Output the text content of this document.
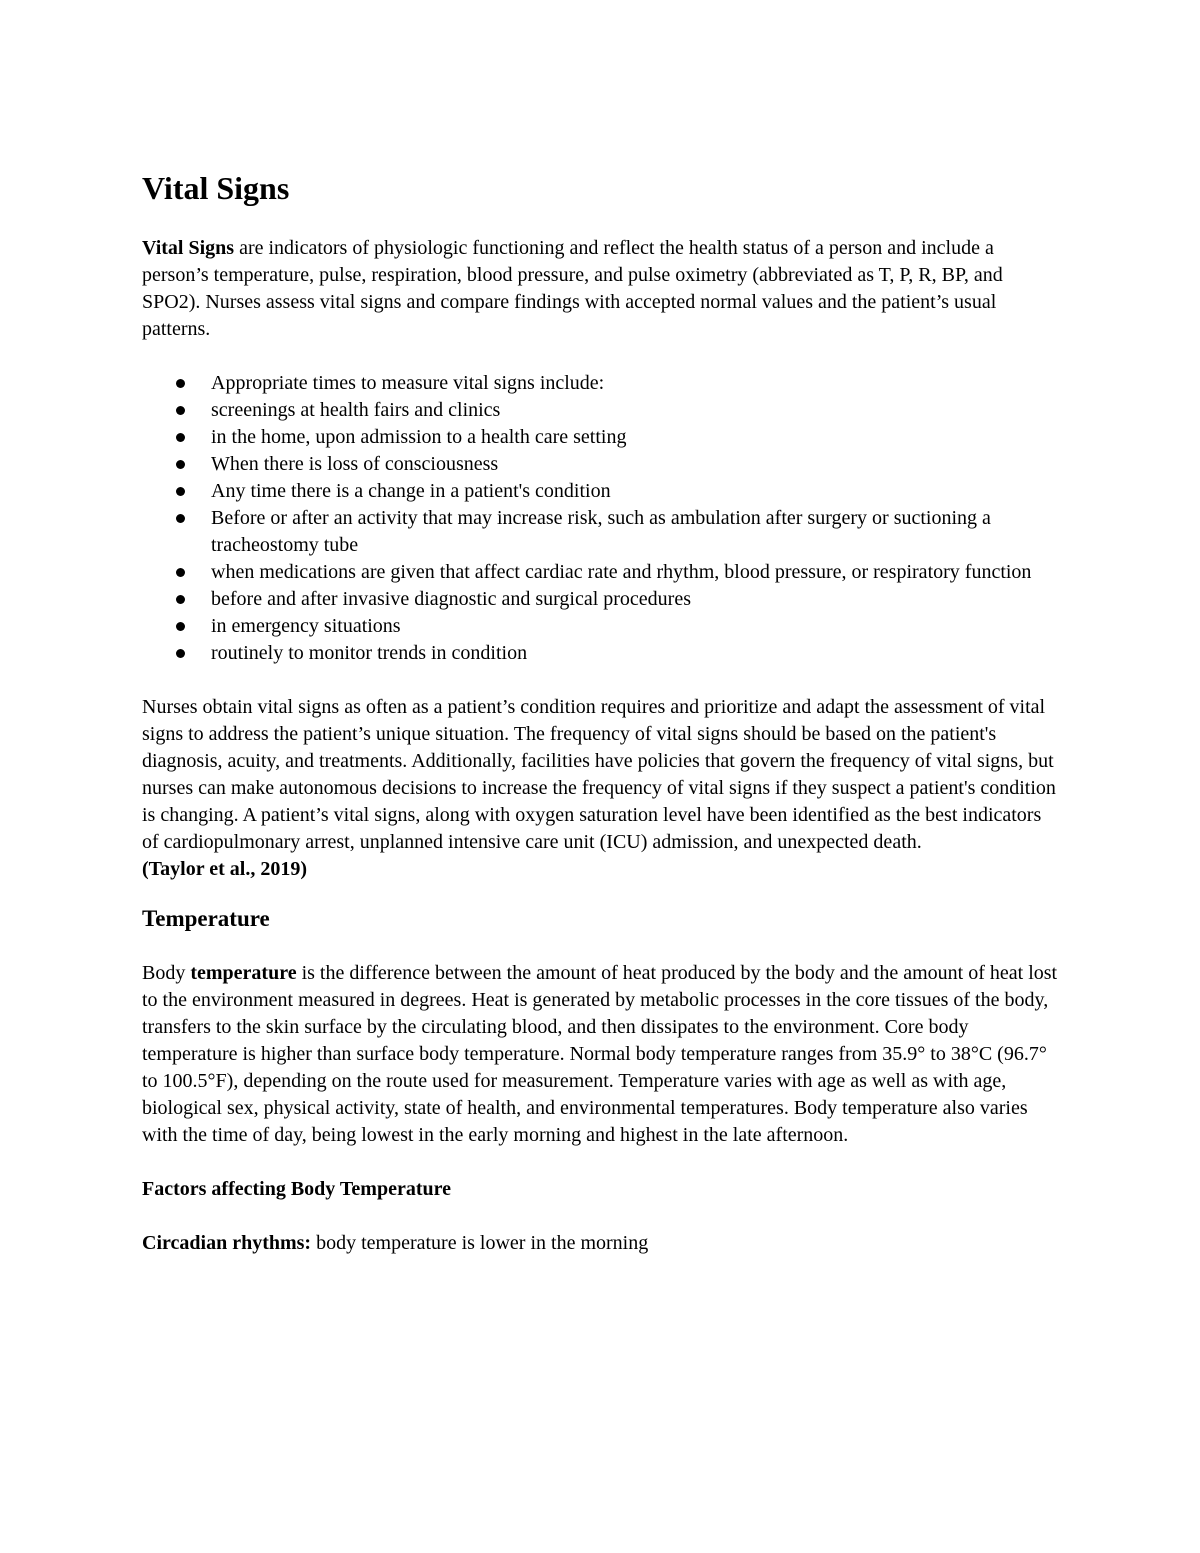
Vital Signs

Vital Signs are indicators of physiologic functioning and reflect the health status of a person and include a person’s temperature, pulse, respiration, blood pressure, and pulse oximetry (abbreviated as T, P, R, BP, and SPO2). Nurses assess vital signs and compare findings with accepted normal values and the patient’s usual patterns.

Appropriate times to measure vital signs include:
screenings at health fairs and clinics
in the home, upon admission to a health care setting
When there is loss of consciousness
Any time there is a change in a patient's condition
Before or after an activity that may increase risk, such as ambulation after surgery or suctioning a tracheostomy tube
when medications are given that affect cardiac rate and rhythm, blood pressure, or respiratory function
before and after invasive diagnostic and surgical procedures
in emergency situations
routinely to monitor trends in condition

Nurses obtain vital signs as often as a patient’s condition requires and prioritize and adapt the assessment of vital signs to address the patient’s unique situation. The frequency of vital signs should be based on the patient's diagnosis, acuity, and treatments. Additionally, facilities have policies that govern the frequency of vital signs, but nurses can make autonomous decisions to increase the frequency of vital signs if they suspect a patient's condition is changing. A patient’s vital signs, along with oxygen saturation level have been identified as the best indicators of cardiopulmonary arrest, unplanned intensive care unit (ICU) admission, and unexpected death.
(Taylor et al., 2019)

Temperature

Body temperature is the difference between the amount of heat produced by the body and the amount of heat lost to the environment measured in degrees. Heat is generated by metabolic processes in the core tissues of the body, transfers to the skin surface by the circulating blood, and then dissipates to the environment. Core body temperature is higher than surface body temperature. Normal body temperature ranges from 35.9° to 38°C (96.7° to 100.5°F), depending on the route used for measurement. Temperature varies with age as well as with age, biological sex, physical activity, state of health, and environmental temperatures. Body temperature also varies with the time of day, being lowest in the early morning and highest in the late afternoon.

Factors affecting Body Temperature

Circadian rhythms: body temperature is lower in the morning
